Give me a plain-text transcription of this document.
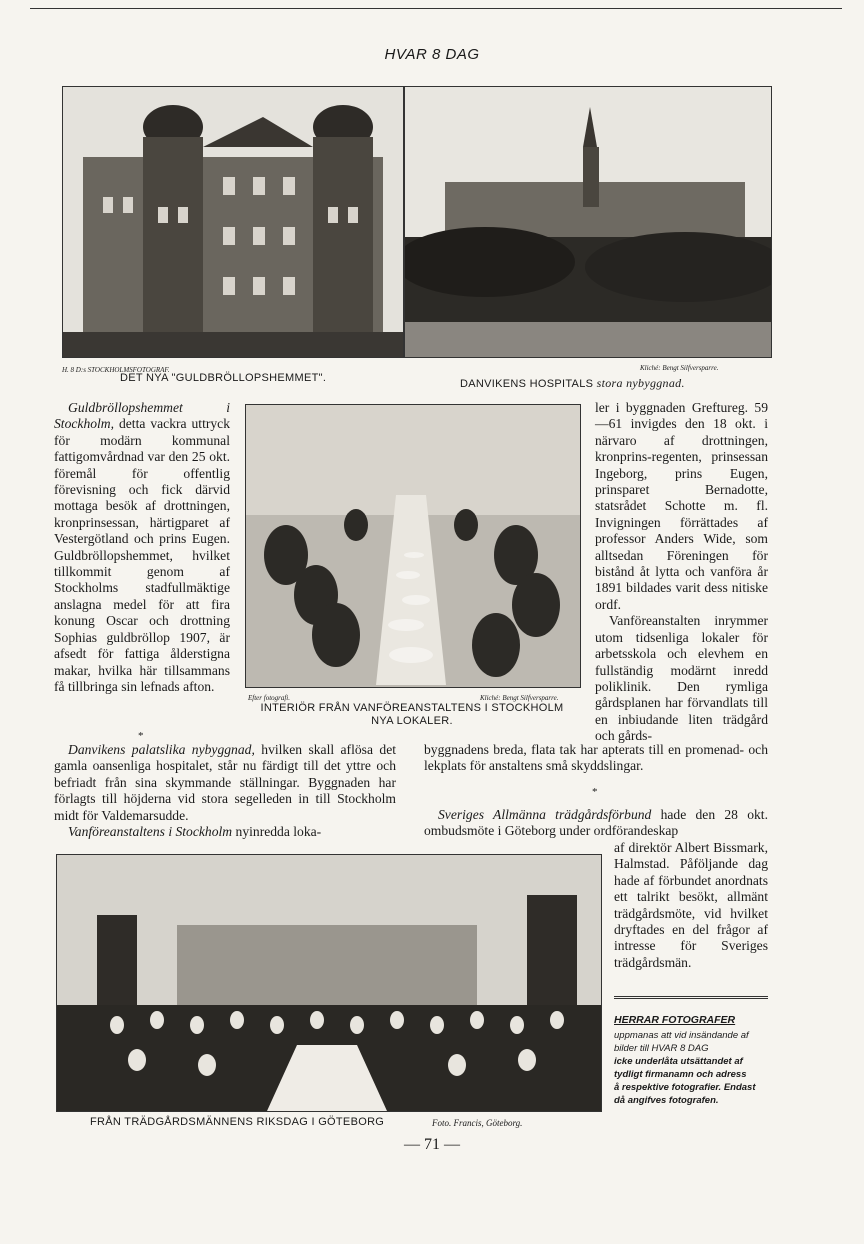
HVAR 8 DAG
H. 8 D:s STOCKHOLMSFOTOGRAF.
DET NYA "GULDBRÖLLOPSHEMMET".
Kliché: Bengt Silfversparre.
DANVIKENS HOSPITALS stora nybyggnad.

Guldbröllopshemmet i Stockholm, detta vackra uttryck för modärn kommunal fattigomvårdnad var den 25 okt. föremål för offentlig förevisning och fick därvid mottaga besök af drottningen, kronprinsessan, härtigparet af Vestergötland och prins Eugen. Guldbröllopshemmet, hvilket tillkommit genom af Stockholms stadfullmäktige anslagna medel för att fira konung Oscar och drottning Sophias guldbröllop 1907, är afsedt för fattiga ålderstigna makar, hvilka här tillsammans få tillbringa sin lefnads afton.

Efter fotografi.	Kliché: Bengt Silfversparre.
INTERIÖR FRÅN VANFÖREANSTALTENS I STOCKHOLM
NYA LOKALER.

ler i byggnaden Greftureg. 59—61 invigdes den 18 okt. i närvaro af drottningen, kronprins-regenten, prinsessan Ingeborg, prins Eugen, prinsparet Bernadotte, statsrådet Schotte m. fl. Invigningen förrättades af professor Anders Wide, som alltsedan Föreningen för bistånd åt lytta och vanföra år 1891 bildades varit dess nitiske ordf.

Vanföreanstalten inrymmer utom tidsenliga lokaler för arbetsskola och elevhem en fullständig modärnt inredd poliklinik. Den rymliga gårdsplanen har förvandlats till en inbiudande liten trädgård och gårds-

*

Danvikens palatslika nybyggnad, hvilken skall aflösa det gamla oansenliga hospitalet, står nu färdigt till det yttre och befriadt från sina skymmande ställningar. Byggnaden har förlagts till höjderna vid stora segelleden in till Stockholm midt för Valdemarsudde.

Vanföreanstaltens i Stockholm nyinredda loka-

byggnadens breda, flata tak har apterats till en promenad- och lekplats för anstaltens små skyddslingar.
*

Sveriges Allmänna trädgårdsförbund hade den 28 okt. ombudsmöte i Göteborg under ordförandeskap

af direktör Albert Bissmark, Halmstad. Påföljande dag hade af förbundet anordnats ett talrikt besökt, allmänt trädgårdsmöte, vid hvilket dryftades en del frågor af intresse för Sveriges trädgårdsmän.
FRÅN TRÄDGÅRDSMÄNNENS RIKSDAG I GÖTEBORG	Foto. Francis, Göteborg.
HERRAR FOTOGRAFER
uppmanas att vid insändande af bilder till HVAR 8 DAG
icke underlåta utsättandet af tydligt firmanamn och adress
å respektive fotografier. Endast då angifves fotografen.
— 71 —
